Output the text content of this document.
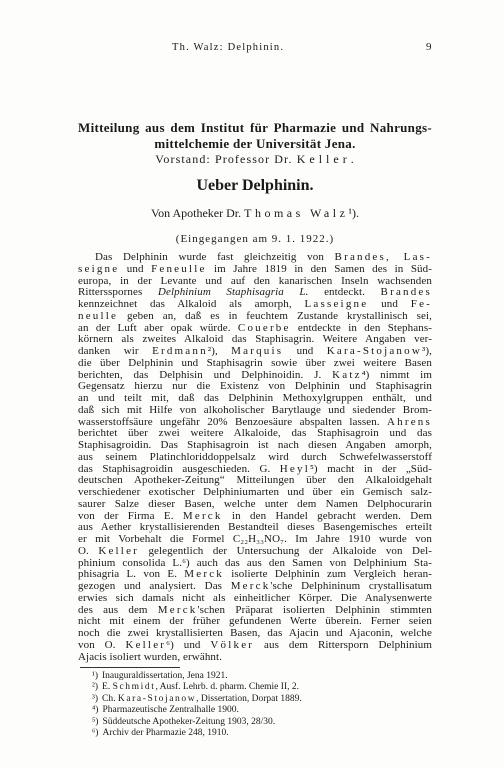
Th. Walz: Delphinin.	9
Mitteilung aus dem Institut für Pharmazie und Nahrungs-
mittelchemie der Universität Jena.
Vorstand: Professor Dr. Keller.
Ueber Delphinin.
Von Apotheker Dr. Thomas Walz¹).
(Eingegangen am 9. 1. 1922.)
Das Delphinin wurde fast gleichzeitig von Brandes, Las-
seigne und Feneulle im Jahre 1819 in den Samen des in Süd-
europa, in der Levante und auf den kanarischen Inseln wachsenden
Rittersspornes Delphinium Staphisagria L. entdeckt. Brandes
kennzeichnet das Alkaloid als amorph, Lasseigne und Fe-
neulle geben an, daß es in feuchtem Zustande krystallinisch sei,
an der Luft aber opak würde. Couerbe entdeckte in den Stephans-
körnern als zweites Alkaloid das Staphisagrin. Weitere Angaben ver-
danken wir Erdmann²), Marquis und Kara-Stojanow³),
die über Delphinin und Staphisagrin sowie über zwei weitere Basen
berichten, das Delphisin und Delphinoidin. J. Katz⁴) nimmt im
Gegensatz hierzu nur die Existenz von Delphinin und Staphisagrin
an und teilt mit, daß das Delphinin Methoxylgruppen enthält, und
daß sich mit Hilfe von alkoholischer Barytlauge und siedender Brom-
wasserstoffsäure ungefähr 20% Benzoesäure abspalten lassen. Ahrens
berichtet über zwei weitere Alkaloide, das Staphisagroin und das
Staphisagroidin. Das Staphisagroin ist nach diesen Angaben amorph,
aus seinem Platinchloriddoppelsalz wird durch Schwefelwasserstoff
das Staphisagroidin ausgeschieden. G. Heyl⁵) macht in der „Süd-
deutschen Apotheker-Zeitung“ Mitteilungen über den Alkaloidgehalt
verschiedener exotischer Delphiniumarten und über ein Gemisch salz-
saurer Salze dieser Basen, welche unter dem Namen Delphocurarin
von der Firma E. Merck in den Handel gebracht werden. Dem
aus Aether krystallisierenden Bestandteil dieses Basengemisches erteilt
er mit Vorbehalt die Formel C₂₂H₃₃NO₇. Im Jahre 1910 wurde von
O. Keller gelegentlich der Untersuchung der Alkaloide von Del-
phinium consolida L.⁶) auch das aus den Samen von Delphinium Sta-
phisagria L. von E. Merck isolierte Delphinin zum Vergleich heran-
gezogen und analysiert. Das Merck'sche Delphininum crystallisatum
erwies sich damals nicht als einheitlicher Körper. Die Analysenwerte
des aus dem Merck'schen Präparat isolierten Delphinin stimmten
nicht mit einem der früher gefundenen Werte überein. Ferner seien
noch die zwei krystallisierten Basen, das Ajacin und Ajaconin, welche
von O. Keller⁶) und Völker aus dem Rittersporn Delphinium
Ajacis isoliert wurden, erwähnt.
¹) Inauguraldissertation, Jena 1921.
²) E. Schmidt, Ausf. Lehrb. d. pharm. Chemie II, 2.
³) Ch. Kara-Stojanow, Dissertation, Dorpat 1889.
⁴) Pharmazeutische Zentralhalle 1900.
⁵) Süddeutsche Apotheker-Zeitung 1903, 28/30.
⁶) Archiv der Pharmazie 248, 1910.
